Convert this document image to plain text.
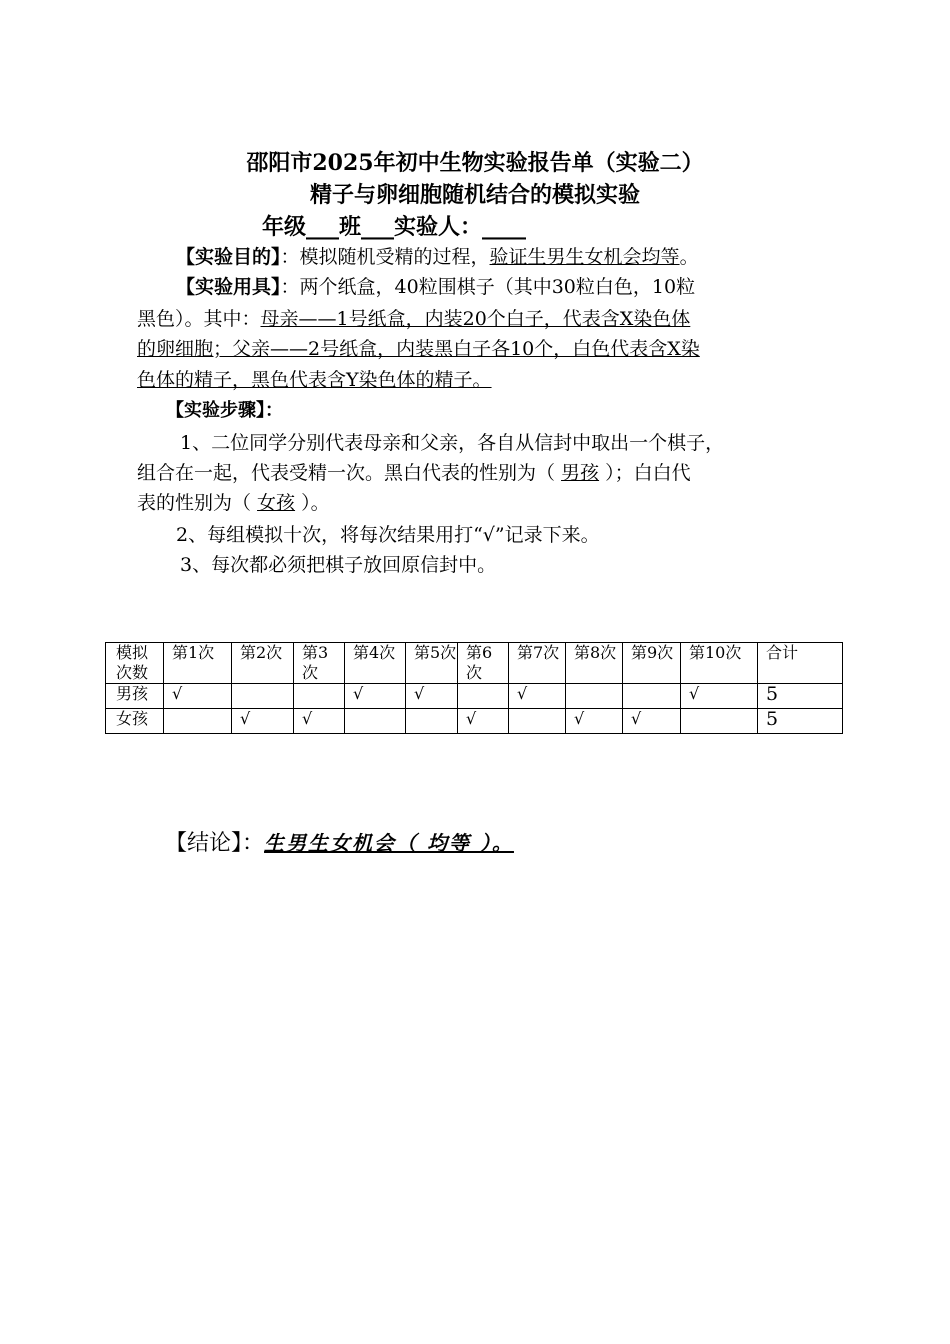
邵阳市2025年初中生物实验报告单（实验二）
精子与卵细胞随机结合的模拟实验
年级___班___实验人：____
【实验目的】：模拟随机受精的过程，验证生男生女机会均等。
【实验用具】：两个纸盒，40粒围棋子（其中30粒白色，10粒
黑色）。其中：母亲——1号纸盒，内装20个白子，代表含X染色体
的卵细胞；父亲——2号纸盒，内装黑白子各10个，白色代表含X染
色体的精子，黑色代表含Y染色体的精子。
【实验步骤】：
1、二位同学分别代表母亲和父亲，各自从信封中取出一个棋子，
组合在一起，代表受精一次。黑白代表的性别为（ 男孩 ）；白白代
表的性别为（ 女孩 ）。
2、每组模拟十次，将每次结果用打“√”记录下来。
3、每次都必须把棋子放回原信封中。
模拟次数	第1次	第2次	第3次	第4次	第5次	第6次	第7次	第8次	第9次	第10次	合计
男孩	√			√	√		√			√	5
女孩		√	√			√		√	√		5
【结论】：生男生女机会（ 均等 ）。
